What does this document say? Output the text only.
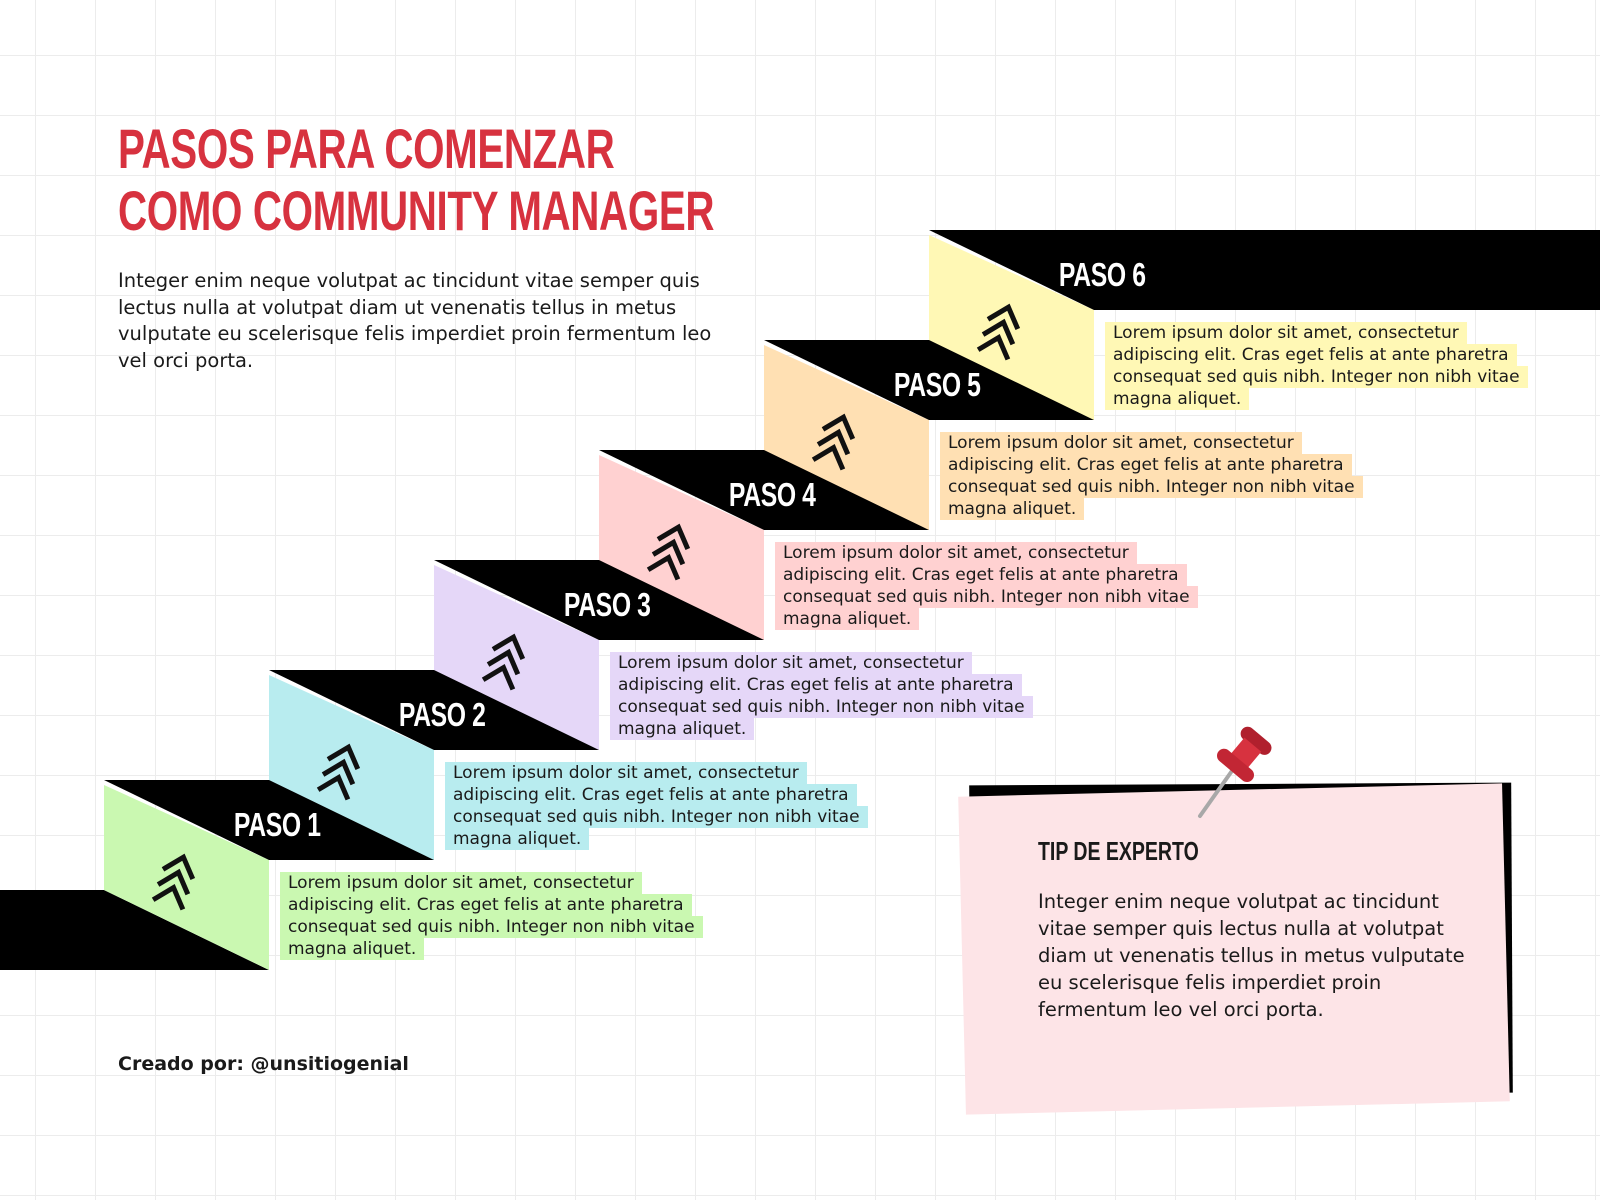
PASOS PARA COMENZAR
COMO COMMUNITY MANAGER

Integer enim neque volutpat ac tincidunt vitae semper quis lectus nulla at volutpat diam ut venenatis tellus in metus vulputate eu scelerisque felis imperdiet proin fermentum leo vel orci porta.

PASO 1
PASO 2
PASO 3
PASO 4
PASO 5
PASO 6

Lorem ipsum dolor sit amet, consectetur adipiscing elit. Cras eget felis at ante pharetra consequat sed quis nibh. Integer non nibh vitae magna aliquet.

Lorem ipsum dolor sit amet, consectetur adipiscing elit. Cras eget felis at ante pharetra consequat sed quis nibh. Integer non nibh vitae magna aliquet.

Lorem ipsum dolor sit amet, consectetur adipiscing elit. Cras eget felis at ante pharetra consequat sed quis nibh. Integer non nibh vitae magna aliquet.

Lorem ipsum dolor sit amet, consectetur adipiscing elit. Cras eget felis at ante pharetra consequat sed quis nibh. Integer non nibh vitae magna aliquet.

Lorem ipsum dolor sit amet, consectetur adipiscing elit. Cras eget felis at ante pharetra consequat sed quis nibh. Integer non nibh vitae magna aliquet.

Lorem ipsum dolor sit amet, consectetur adipiscing elit. Cras eget felis at ante pharetra consequat sed quis nibh. Integer non nibh vitae magna aliquet.

TIP DE EXPERTO

Integer enim neque volutpat ac tincidunt vitae semper quis lectus nulla at volutpat diam ut venenatis tellus in metus vulputate eu scelerisque felis imperdiet proin fermentum leo vel orci porta.

Creado por: @unsitiogenial
